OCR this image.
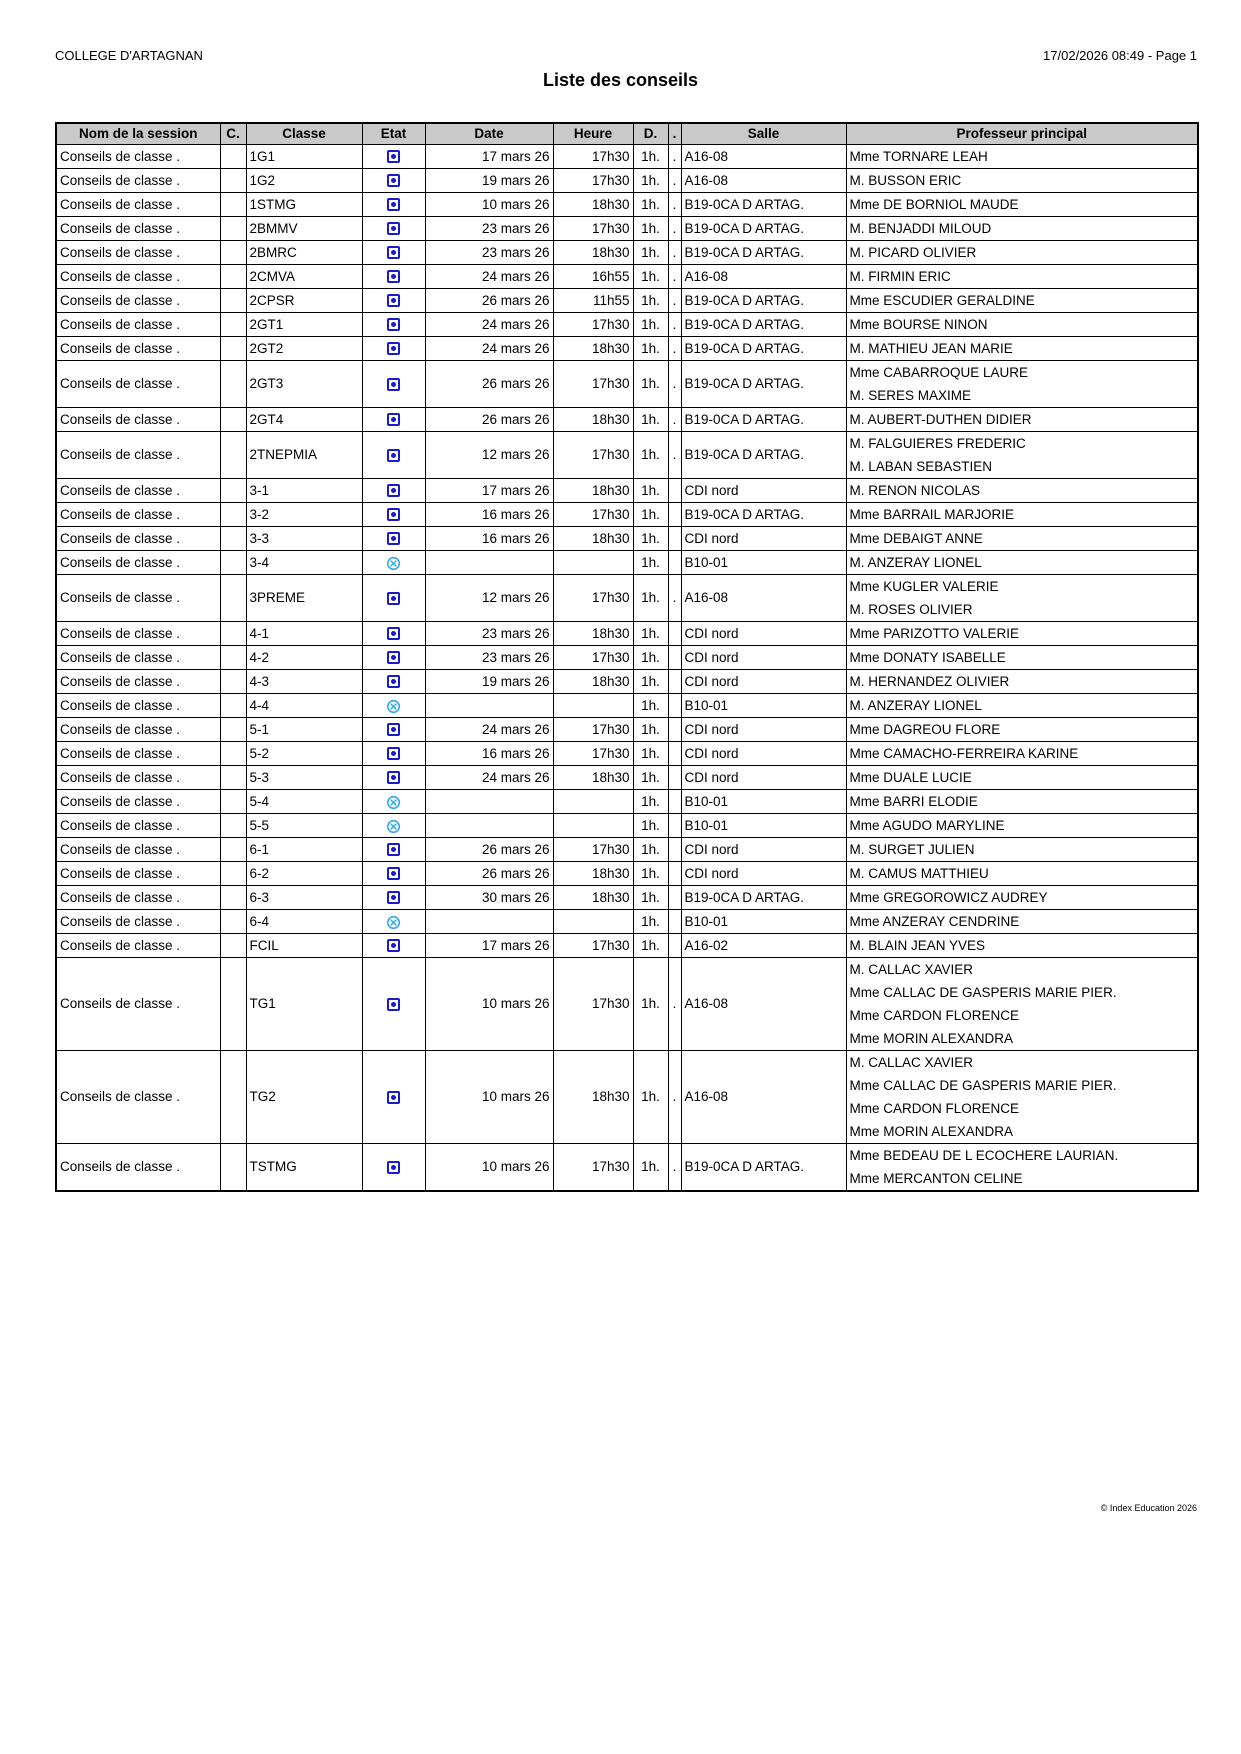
COLLEGE D'ARTAGNAN	17/02/2026 08:49 - Page 1
Liste des conseils
Nom de la session	C.	Classe	Etat	Date	Heure	D.	.	Salle	Professeur principal
Conseils de classe .		1G1		17 mars 26	17h30	1h.	.	A16-08	Mme TORNARE LEAH

Conseils de classe .		1G2		19 mars 26	17h30	1h.	.	A16-08	M. BUSSON ERIC

Conseils de classe .		1STMG		10 mars 26	18h30	1h.	.	B19-0CA D ARTAG.	Mme DE BORNIOL MAUDE

Conseils de classe .		2BMMV		23 mars 26	17h30	1h.	.	B19-0CA D ARTAG.	M. BENJADDI MILOUD

Conseils de classe .		2BMRC		23 mars 26	18h30	1h.	.	B19-0CA D ARTAG.	M. PICARD OLIVIER

Conseils de classe .		2CMVA		24 mars 26	16h55	1h.	.	A16-08	M. FIRMIN ERIC

Conseils de classe .		2CPSR		26 mars 26	11h55	1h.	.	B19-0CA D ARTAG.	Mme ESCUDIER GERALDINE

Conseils de classe .		2GT1		24 mars 26	17h30	1h.	.	B19-0CA D ARTAG.	Mme BOURSE NINON

Conseils de classe .		2GT2		24 mars 26	18h30	1h.	.	B19-0CA D ARTAG.	M. MATHIEU JEAN MARIE

Conseils de classe .		2GT3		26 mars 26	17h30	1h.	.	B19-0CA D ARTAG.	Mme CABARROQUE LAURE
M. SERES MAXIME

Conseils de classe .		2GT4		26 mars 26	18h30	1h.	.	B19-0CA D ARTAG.	M. AUBERT-DUTHEN DIDIER

Conseils de classe .		2TNEPMIA		12 mars 26	17h30	1h.	.	B19-0CA D ARTAG.	M. FALGUIERES FREDERIC
M. LABAN SEBASTIEN

Conseils de classe .		3-1		17 mars 26	18h30	1h.		CDI nord	M. RENON NICOLAS

Conseils de classe .		3-2		16 mars 26	17h30	1h.		B19-0CA D ARTAG.	Mme BARRAIL MARJORIE

Conseils de classe .		3-3		16 mars 26	18h30	1h.		CDI nord	Mme DEBAIGT ANNE

Conseils de classe .		3-4				1h.		B10-01	M. ANZERAY LIONEL

Conseils de classe .		3PREME		12 mars 26	17h30	1h.	.	A16-08	Mme KUGLER VALERIE
M. ROSES OLIVIER

Conseils de classe .		4-1		23 mars 26	18h30	1h.		CDI nord	Mme PARIZOTTO VALERIE

Conseils de classe .		4-2		23 mars 26	17h30	1h.		CDI nord	Mme DONATY ISABELLE

Conseils de classe .		4-3		19 mars 26	18h30	1h.		CDI nord	M. HERNANDEZ OLIVIER

Conseils de classe .		4-4				1h.		B10-01	M. ANZERAY LIONEL

Conseils de classe .		5-1		24 mars 26	17h30	1h.		CDI nord	Mme DAGREOU FLORE

Conseils de classe .		5-2		16 mars 26	17h30	1h.		CDI nord	Mme CAMACHO-FERREIRA KARINE

Conseils de classe .		5-3		24 mars 26	18h30	1h.		CDI nord	Mme DUALE LUCIE

Conseils de classe .		5-4				1h.		B10-01	Mme BARRI ELODIE

Conseils de classe .		5-5				1h.		B10-01	Mme AGUDO MARYLINE

Conseils de classe .		6-1		26 mars 26	17h30	1h.		CDI nord	M. SURGET JULIEN

Conseils de classe .		6-2		26 mars 26	18h30	1h.		CDI nord	M. CAMUS MATTHIEU

Conseils de classe .		6-3		30 mars 26	18h30	1h.		B19-0CA D ARTAG.	Mme GREGOROWICZ AUDREY

Conseils de classe .		6-4				1h.		B10-01	Mme ANZERAY CENDRINE

Conseils de classe .		FCIL		17 mars 26	17h30	1h.		A16-02	M. BLAIN JEAN YVES

Conseils de classe .		TG1		10 mars 26	17h30	1h.	.	A16-08	M. CALLAC XAVIER
Mme CALLAC DE GASPERIS MARIE PIER.
Mme CARDON FLORENCE
Mme MORIN ALEXANDRA

Conseils de classe .		TG2		10 mars 26	18h30	1h.	.	A16-08	M. CALLAC XAVIER
Mme CALLAC DE GASPERIS MARIE PIER.
Mme CARDON FLORENCE
Mme MORIN ALEXANDRA

Conseils de classe .		TSTMG		10 mars 26	17h30	1h.	.	B19-0CA D ARTAG.	Mme BEDEAU DE L ECOCHERE LAURIAN.
Mme MERCANTON CELINE
© Index Education 2026
